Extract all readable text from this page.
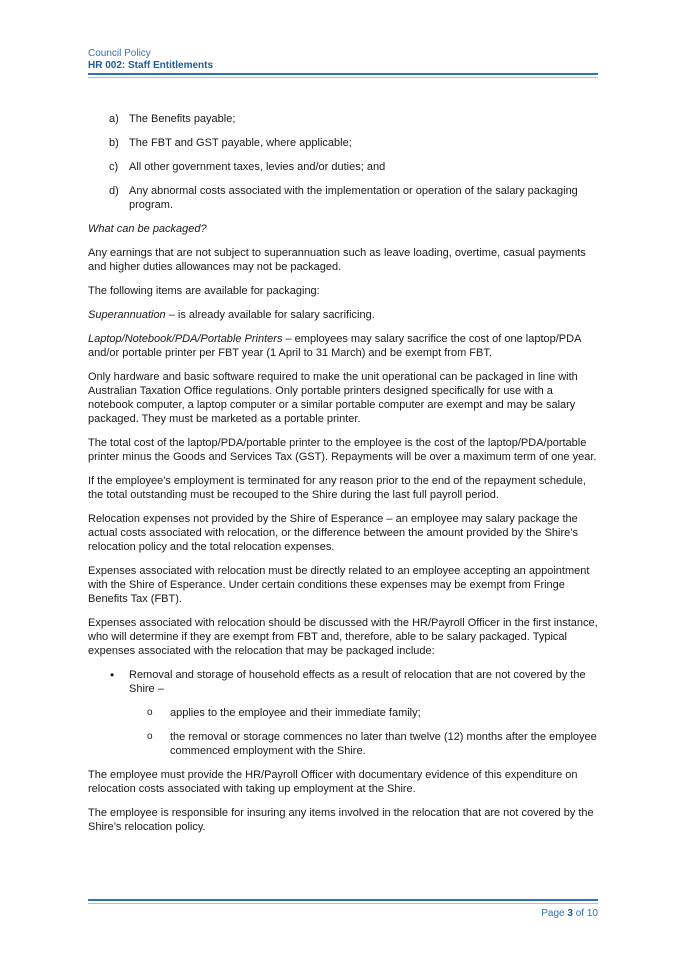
Council Policy
HR 002: Staff Entitlements
a) The Benefits payable;
b) The FBT and GST payable, where applicable;
c) All other government taxes, levies and/or duties; and
d) Any abnormal costs associated with the implementation or operation of the salary packaging program.

What can be packaged?

Any earnings that are not subject to superannuation such as leave loading, overtime, casual payments and higher duties allowances may not be packaged.

The following items are available for packaging:

Superannuation – is already available for salary sacrificing.

Laptop/Notebook/PDA/Portable Printers – employees may salary sacrifice the cost of one laptop/PDA and/or portable printer per FBT year (1 April to 31 March) and be exempt from FBT.

Only hardware and basic software required to make the unit operational can be packaged in line with Australian Taxation Office regulations. Only portable printers designed specifically for use with a notebook computer, a laptop computer or a similar portable computer are exempt and may be salary packaged. They must be marketed as a portable printer.

The total cost of the laptop/PDA/portable printer to the employee is the cost of the laptop/PDA/portable printer minus the Goods and Services Tax (GST). Repayments will be over a maximum term of one year.

If the employee's employment is terminated for any reason prior to the end of the repayment schedule, the total outstanding must be recouped to the Shire during the last full payroll period.

Relocation expenses not provided by the Shire of Esperance – an employee may salary package the actual costs associated with relocation, or the difference between the amount provided by the Shire’s relocation policy and the total relocation expenses.

Expenses associated with relocation must be directly related to an employee accepting an appointment with the Shire of Esperance. Under certain conditions these expenses may be exempt from Fringe Benefits Tax (FBT).

Expenses associated with relocation should be discussed with the HR/Payroll Officer in the first instance, who will determine if they are exempt from FBT and, therefore, able to be salary packaged. Typical expenses associated with the relocation that may be packaged include:

•	Removal and storage of household effects as a result of relocation that are not covered by the Shire –
o	applies to the employee and their immediate family;
o	the removal or storage commences no later than twelve (12) months after the employee commenced employment with the Shire.

The employee must provide the HR/Payroll Officer with documentary evidence of this expenditure on relocation costs associated with taking up employment at the Shire.

The employee is responsible for insuring any items involved in the relocation that are not covered by the Shire’s relocation policy.

Page 3 of 10
